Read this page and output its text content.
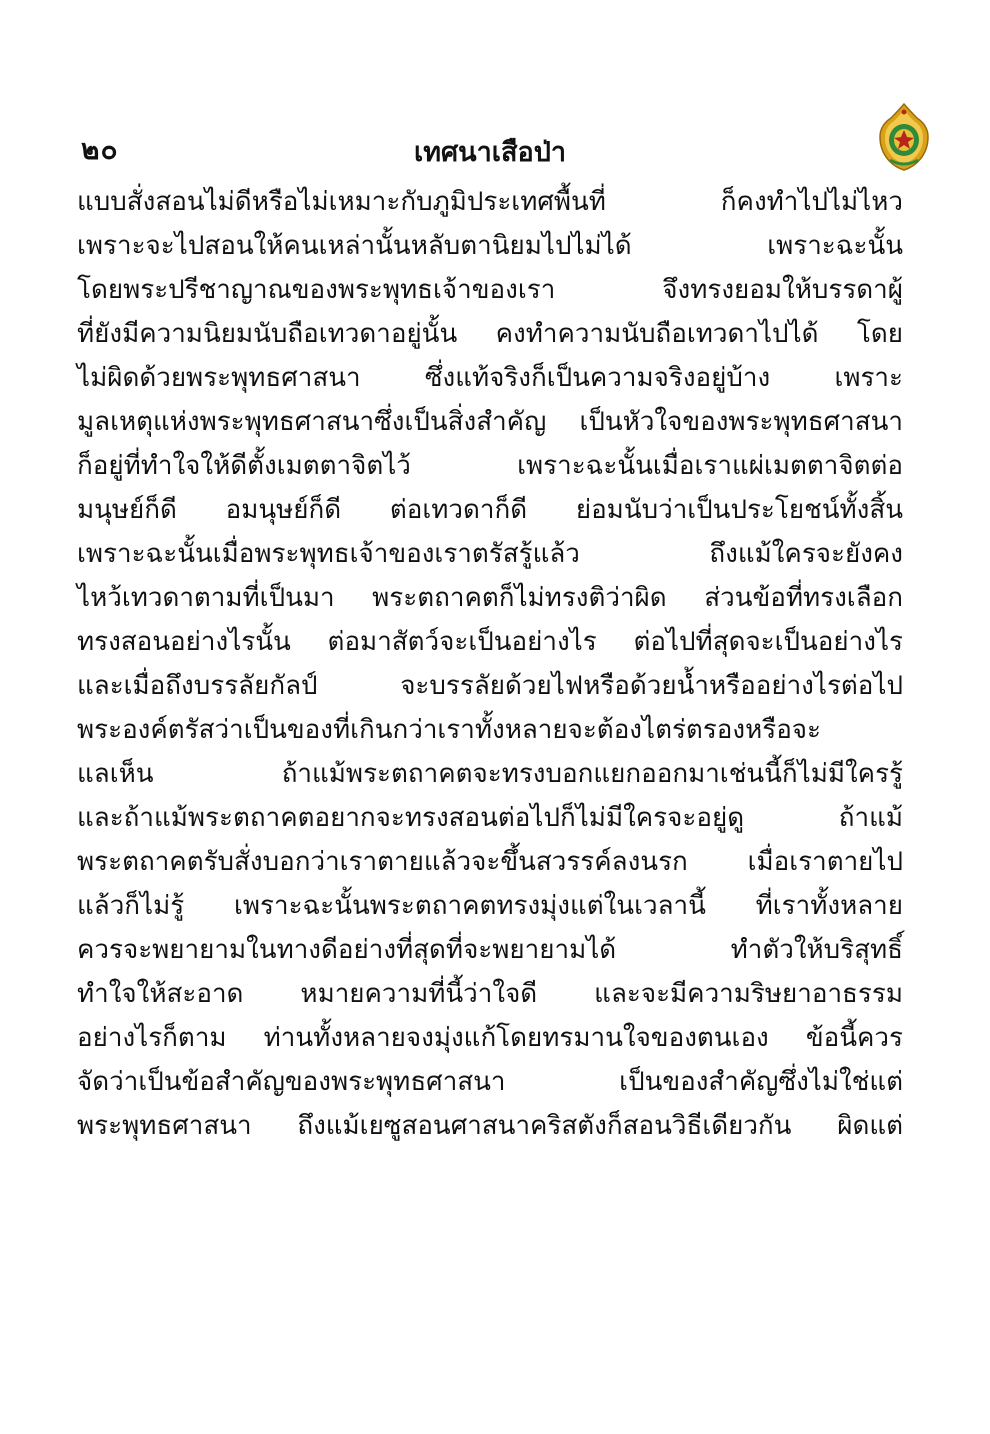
๒๐	เทศนาเสือป่า
แบบสั่งสอนไม่ดีหรือไม่เหมาะกับภูมิประเทศพื้นที่ ก็คงทำไปไม่ไหว
เพราะจะไปสอนให้คนเหล่านั้นหลับตานิยมไปไม่ได้ เพราะฉะนั้น
โดยพระปรีชาญาณของพระพุทธเจ้าของเรา จึงทรงยอมให้บรรดาผู้
ที่ยังมีความนิยมนับถือเทวดาอยู่นั้น คงทำความนับถือเทวดาไปได้ โดย
ไม่ผิดด้วยพระพุทธศาสนา ซึ่งแท้จริงก็เป็นความจริงอยู่บ้าง เพราะ
มูลเหตุแห่งพระพุทธศาสนาซึ่งเป็นสิ่งสำคัญ เป็นหัวใจของพระพุทธศาสนา
ก็อยู่ที่ทำใจให้ดีตั้งเมตตาจิตไว้ เพราะฉะนั้นเมื่อเราแผ่เมตตาจิตต่อ
มนุษย์ก็ดี อมนุษย์ก็ดี ต่อเทวดาก็ดี ย่อมนับว่าเป็นประโยชน์ทั้งสิ้น
เพราะฉะนั้นเมื่อพระพุทธเจ้าของเราตรัสรู้แล้ว ถึงแม้ใครจะยังคง
ไหว้เทวดาตามที่เป็นมา พระตถาคตก็ไม่ทรงติว่าผิด ส่วนข้อที่ทรงเลือก
ทรงสอนอย่างไรนั้น ต่อมาสัตว์จะเป็นอย่างไร ต่อไปที่สุดจะเป็นอย่างไร
และเมื่อถึงบรรลัยกัลป์ จะบรรลัยด้วยไฟหรือด้วยน้ำหรืออย่างไรต่อไป
พระองค์ตรัสว่าเป็นของที่เกินกว่าเราทั้งหลายจะต้องไตร่ตรองหรือจะ
แลเห็น ถ้าแม้พระตถาคตจะทรงบอกแยกออกมาเช่นนี้ก็ไม่มีใครรู้
และถ้าแม้พระตถาคตอยากจะทรงสอนต่อไปก็ไม่มีใครจะอยู่ดู ถ้าแม้
พระตถาคตรับสั่งบอกว่าเราตายแล้วจะขึ้นสวรรค์ลงนรก เมื่อเราตายไป
แล้วก็ไม่รู้ เพราะฉะนั้นพระตถาคตทรงมุ่งแต่ในเวลานี้ ที่เราทั้งหลาย
ควรจะพยายามในทางดีอย่างที่สุดที่จะพยายามได้ ทำตัวให้บริสุทธิ์
ทำใจให้สะอาด หมายความที่นี้ว่าใจดี และจะมีความริษยาอาธรรม
อย่างไรก็ตาม ท่านทั้งหลายจงมุ่งแก้โดยทรมานใจของตนเอง ข้อนี้ควร
จัดว่าเป็นข้อสำคัญของพระพุทธศาสนา เป็นของสำคัญซึ่งไม่ใช่แต่
พระพุทธศาสนา ถึงแม้เยซูสอนศาสนาคริสตังก็สอนวิธีเดียวกัน ผิดแต่
